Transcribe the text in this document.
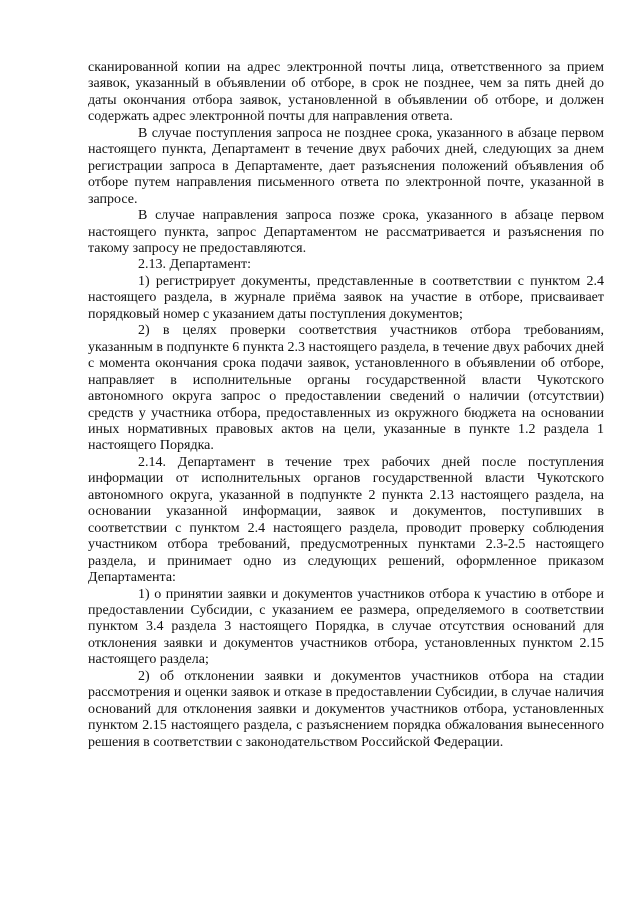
сканированной копии на адрес электронной почты лица, ответственного за прием заявок, указанный в объявлении об отборе, в срок не позднее, чем за пять дней до даты окончания отбора заявок, установленной в объявлении об отборе, и должен содержать адрес электронной почты для направления ответа.

В случае поступления запроса не позднее срока, указанного в абзаце первом настоящего пункта, Департамент в течение двух рабочих дней, следующих за днем регистрации запроса в Департаменте, дает разъяснения положений объявления об отборе путем направления письменного ответа по электронной почте, указанной в запросе.

В случае направления запроса позже срока, указанного в абзаце первом настоящего пункта, запрос Департаментом не рассматривается и разъяснения по такому запросу не предоставляются.

2.13. Департамент:

1) регистрирует документы, представленные в соответствии с пунктом 2.4 настоящего раздела, в журнале приёма заявок на участие в отборе, присваивает порядковый номер с указанием даты поступления документов;

2) в целях проверки соответствия участников отбора требованиям, указанным в подпункте 6 пункта 2.3 настоящего раздела, в течение двух рабочих дней с момента окончания срока подачи заявок, установленного в объявлении об отборе, направляет в исполнительные органы государственной власти Чукотского автономного округа запрос о предоставлении сведений о наличии (отсутствии) средств у участника отбора, предоставленных из окружного бюджета на основании иных нормативных правовых актов на цели, указанные в пункте 1.2 раздела 1 настоящего Порядка.

2.14. Департамент в течение трех рабочих дней после поступления информации от исполнительных органов государственной власти Чукотского автономного округа, указанной в подпункте 2 пункта 2.13 настоящего раздела, на основании указанной информации, заявок и документов, поступивших в соответствии с пунктом 2.4 настоящего раздела, проводит проверку соблюдения участником отбора требований, предусмотренных пунктами 2.3-2.5 настоящего раздела, и принимает одно из следующих решений, оформленное приказом Департамента:

1) о принятии заявки и документов участников отбора к участию в отборе и предоставлении Субсидии, с указанием ее размера, определяемого в соответствии пунктом 3.4 раздела 3 настоящего Порядка, в случае отсутствия оснований для отклонения заявки и документов участников отбора, установленных пунктом 2.15 настоящего раздела;

2) об отклонении заявки и документов участников отбора на стадии рассмотрения и оценки заявок и отказе в предоставлении Субсидии, в случае наличия оснований для отклонения заявки и документов участников отбора, установленных пунктом 2.15 настоящего раздела, с разъяснением порядка обжалования вынесенного решения в соответствии с законодательством Российской Федерации.
